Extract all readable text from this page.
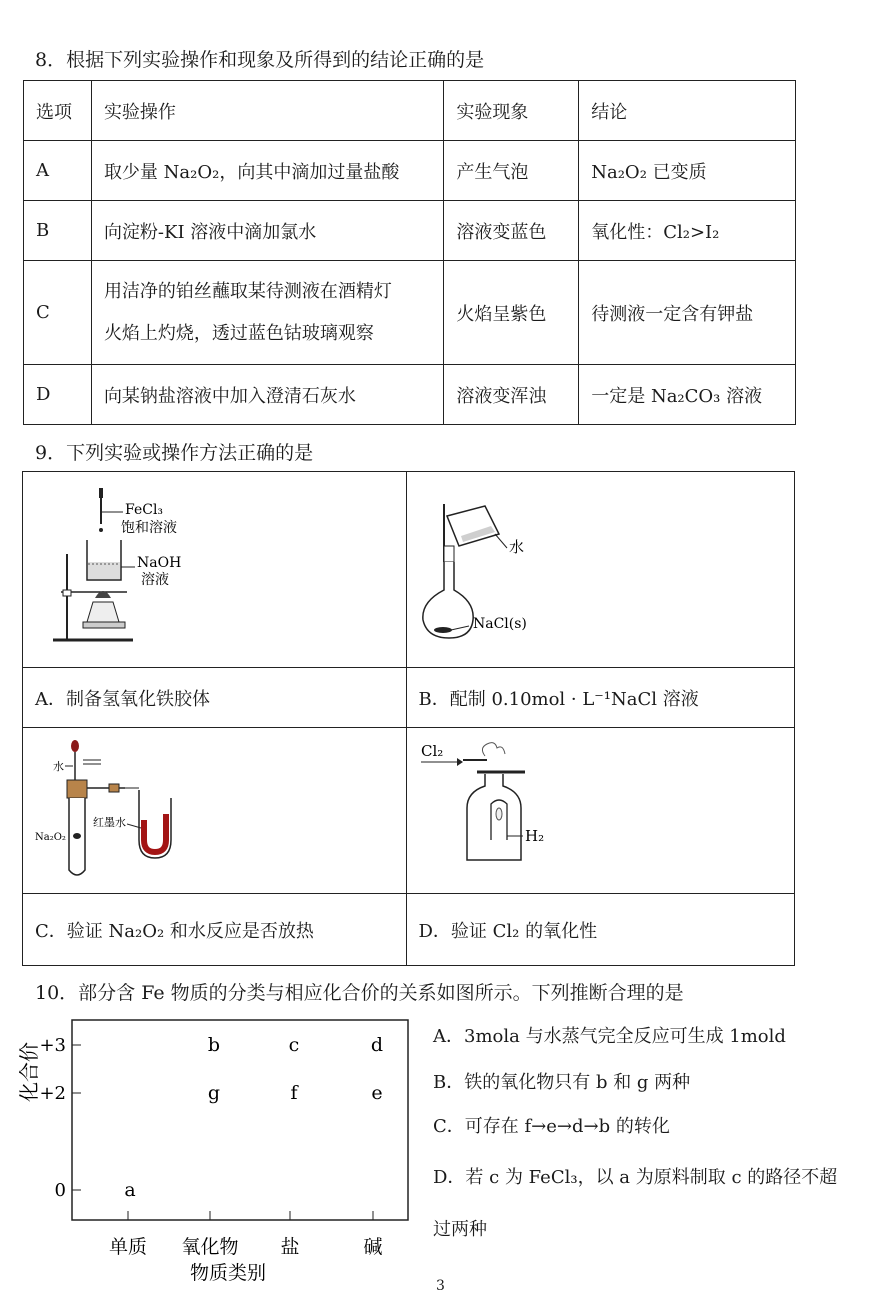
8．根据下列实验操作和现象及所得到的结论正确的是
选项	实验操作	实验现象	结论
A	取少量 Na₂O₂，向其中滴加过量盐酸	产生气泡	Na₂O₂ 已变质
B	向淀粉-KI 溶液中滴加氯水	溶液变蓝色	氧化性：Cl₂>I₂
C	用洁净的铂丝蘸取某待测液在酒精灯
火焰上灼烧，透过蓝色钴玻璃观察	火焰呈紫色	待测液一定含有钾盐
D	向某钠盐溶液中加入澄清石灰水	溶液变浑浊	一定是 Na₂CO₃ 溶液
9．下列实验或操作方法正确的是
FeCl₃
饱和溶液
NaOH
溶液	水
NaCl(s)

A．制备氢氧化铁胶体	B．配制 0.10mol · L⁻¹NaCl 溶液

水
Na₂O₂
红墨水	Cl₂
H₂

C．验证 Na₂O₂ 和水反应是否放热	D．验证 Cl₂ 的氧化性
10．部分含 Fe 物质的分类与相应化合价的关系如图所示。下列推断合理的是
+3
+2
0
单质 氧化物 盐	碱
a
b	c	d
g	f	e
物质类别
化合价
A．3mola 与水蒸气完全反应可生成 1mold
B．铁的氧化物只有 b 和 g 两种
C．可存在 f→e→d→b 的转化
D．若 c 为 FeCl₃，以 a 为原料制取 c 的路径不超
过两种
3
